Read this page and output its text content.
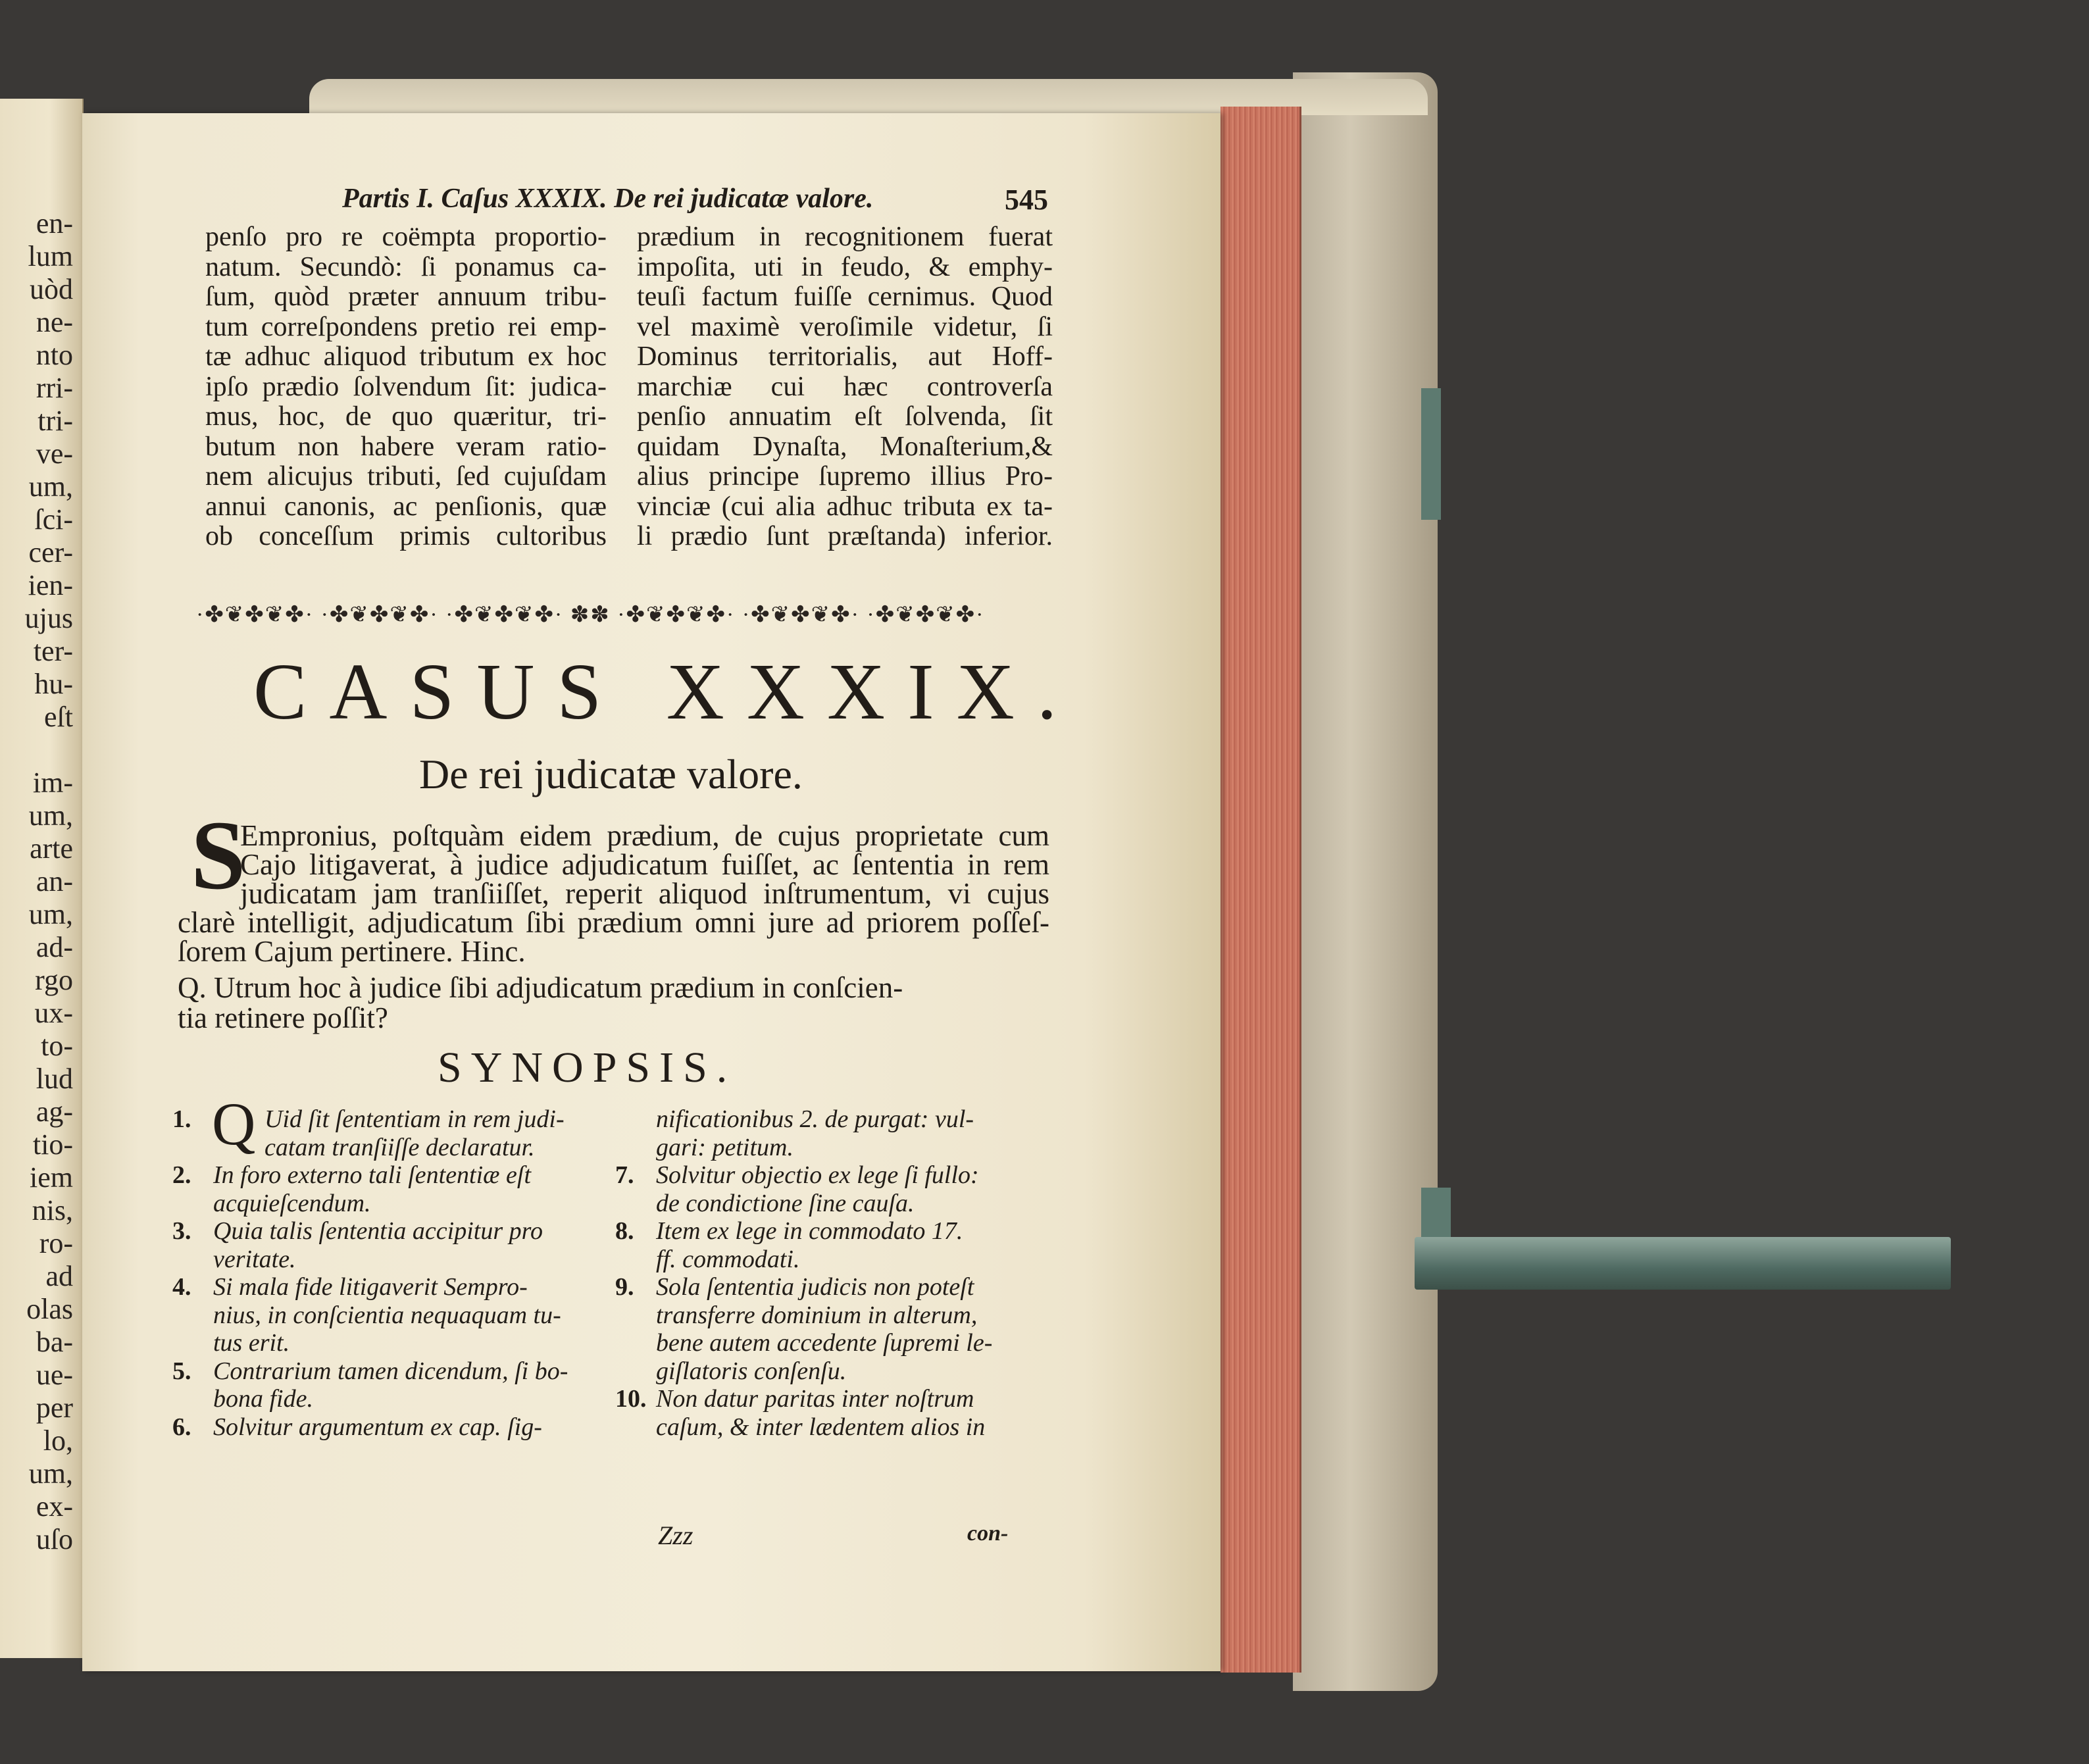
en-
lum
uòd
ne-
nto
rri-
tri-
ve-
um,
ſci-
cer-
ien-
ujus
ter-
hu-
eſt
im-
um,
arte
an-
um,
ad-
rgo
ux-
to-
lud
ag-
tio-
iem
nis,
ro-
ad
olas
ba-
ue-
per
lo,
um,
ex-
uſo
Partis I. Caſus XXXIX. De rei judicatæ valore.	545
penſo pro re coëmpta proportio-
natum. Secundò: ſi ponamus ca-
ſum, quòd præter annuum tribu-
tum correſpondens pretio rei emp-
tæ adhuc aliquod tributum ex hoc
ipſo prædio ſolvendum ſit: judica-
mus, hoc, de quo quæritur, tri-
butum non habere veram ratio-
nem alicujus tributi, ſed cujuſdam
annui canonis, ac penſionis, quæ
ob conceſſum primis cultoribus
prædium in recognitionem fuerat
impoſita, uti in feudo, & emphy-
teuſi factum fuiſſe cernimus. Quod
vel maximè veroſimile videtur, ſi
Dominus territorialis, aut Hoff-
marchiæ cui hæc controverſa
penſio annuatim eſt ſolvenda, ſit
quidam Dynaſta, Monaſterium,&
alius principe ſupremo illius Pro-
vinciæ (cui alia adhuc tributa ex ta-
li prædio ſunt præſtanda) inferior.
·✤❦✤❦✤· ·✤❦✤❦✤· ·✤❦✤❦✤· ✽✽ ·✤❦✤❦✤· ·✤❦✤❦✤· ·✤❦✤❦✤·
CASUS XXXIX.
De rei judicatæ valore.
S
Empronius, poſtquàm eidem prædium, de cujus proprietate cum
Cajo litigaverat, à judice adjudicatum fuiſſet, ac ſententia in rem
judicatam jam tranſiiſſet, reperit aliquod inſtrumentum, vi cujus
clarè intelligit, adjudicatum ſibi prædium omni jure ad priorem poſſeſ-
ſorem Cajum pertinere. Hinc.
Q. Utrum hoc à judice ſibi adjudicatum prædium in conſcien-
tia retinere poſſit?
SYNOPSIS.
1. Q Uid ſit ſententiam in rem judi-
catam tranſiiſſe declaratur.
2. In foro externo tali ſententiæ eſt
acquieſcendum.
3. Quia talis ſententia accipitur pro
veritate.
4. Si mala fide litigaverit Sempro-
nius, in conſcientia nequaquam tu-
tus erit.
5. Contrarium tamen dicendum, ſi bo-
bona fide.
6. Solvitur argumentum ex cap. ſig-
nificationibus 2. de purgat: vul-
gari: petitum.
7. Solvitur objectio ex lege ſi fullo:
de condictione ſine cauſa.
8. Item ex lege in commodato 17.
ff. commodati.
9. Sola ſententia judicis non poteſt
transferre dominium in alterum,
bene autem accedente ſupremi le-
giſlatoris conſenſu.
10. Non datur paritas inter noſtrum
caſum, & inter lædentem alios in
Zzz	con-
